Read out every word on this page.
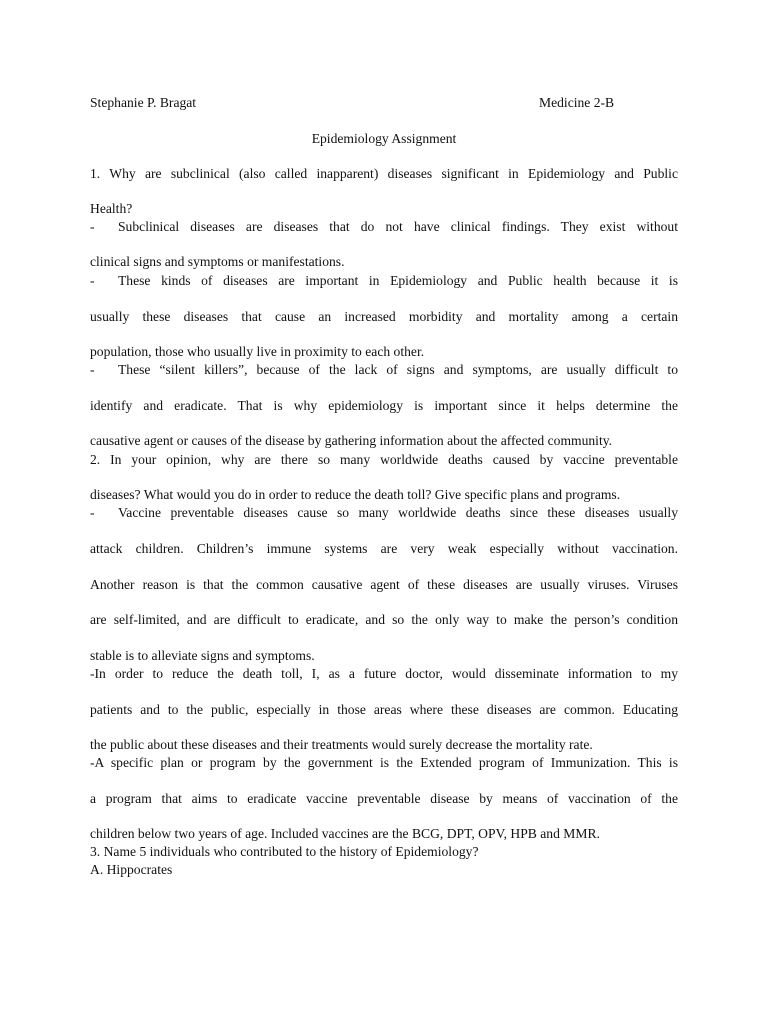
Stephanie P. Bragat	Medicine 2-B
Epidemiology Assignment
1. Why are subclinical (also called inapparent) diseases significant in Epidemiology and Public
Health?
- Subclinical diseases are diseases that do not have clinical findings. They exist without
clinical signs and symptoms or manifestations.
- These kinds of diseases are important in Epidemiology and Public health because it is
usually these diseases that cause an increased morbidity and mortality among a certain
population, those who usually live in proximity to each other.
- These “silent killers”, because of the lack of signs and symptoms, are usually difficult to
identify and eradicate. That is why epidemiology is important since it helps determine the
causative agent or causes of the disease by gathering information about the affected community.
2. In your opinion, why are there so many worldwide deaths caused by vaccine preventable
diseases? What would you do in order to reduce the death toll? Give specific plans and programs.
- Vaccine preventable diseases cause so many worldwide deaths since these diseases usually
attack children. Children’s immune systems are very weak especially without vaccination.
Another reason is that the common causative agent of these diseases are usually viruses. Viruses
are self-limited, and are difficult to eradicate, and so the only way to make the person’s condition
stable is to alleviate signs and symptoms.
-In order to reduce the death toll, I, as a future doctor, would disseminate information to my
patients and to the public, especially in those areas where these diseases are common. Educating
the public about these diseases and their treatments would surely decrease the mortality rate.
-A specific plan or program by the government is the Extended program of Immunization. This is
a program that aims to eradicate vaccine preventable disease by means of vaccination of the
children below two years of age. Included vaccines are the BCG, DPT, OPV, HPB and MMR.
3. Name 5 individuals who contributed to the history of Epidemiology?
A. Hippocrates
